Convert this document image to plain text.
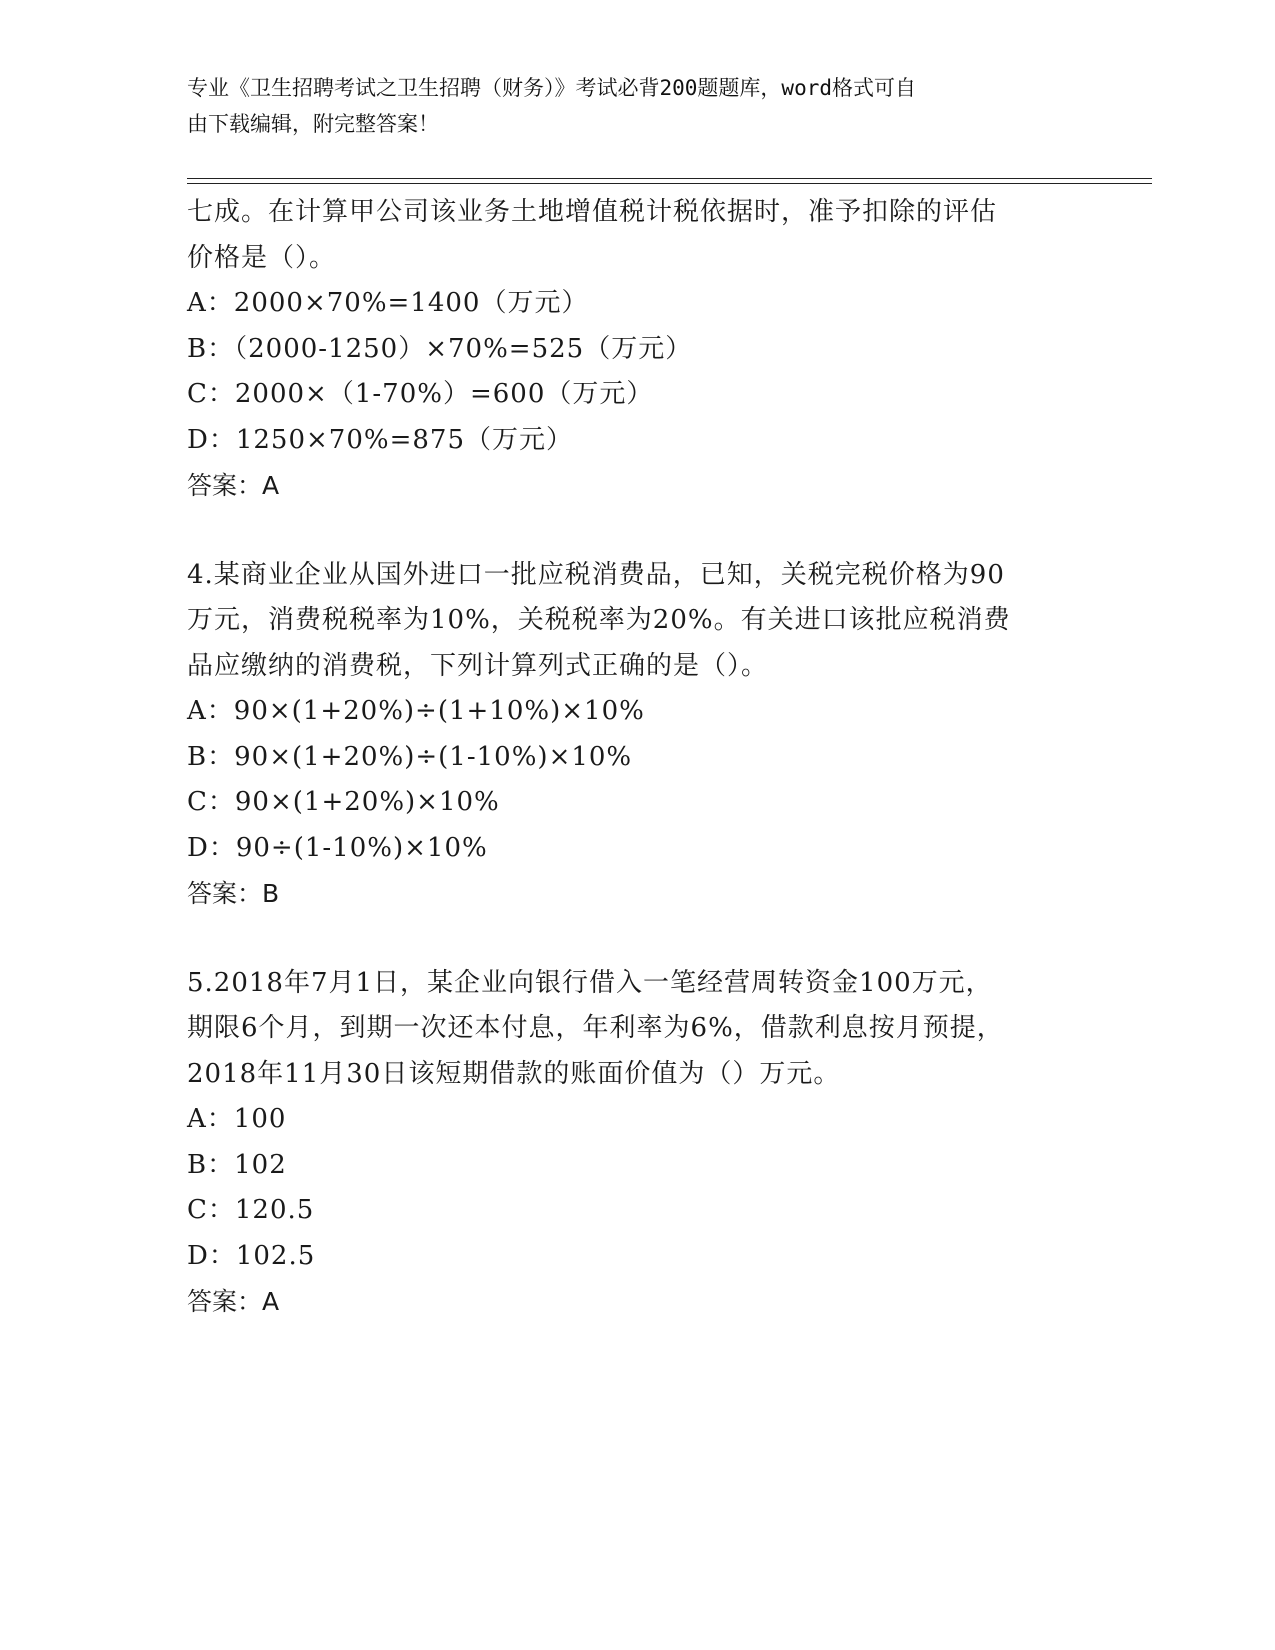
专业《卫生招聘考试之卫生招聘（财务）》考试必背200题题库，word格式可自
由下载编辑，附完整答案！
七成。在计算甲公司该业务土地增值税计税依据时，准予扣除的评估
价格是（）。
A：2000×70%=1400（万元）
B：（2000-1250）×70%=525（万元）
C：2000×（1-70%）=600（万元）
D：1250×70%=875（万元）
答案：A
4.某商业企业从国外进口一批应税消费品，已知，关税完税价格为90
万元，消费税税率为10%，关税税率为20%。有关进口该批应税消费
品应缴纳的消费税，下列计算列式正确的是（）。
A：90×(1+20%)÷(1+10%)×10%
B：90×(1+20%)÷(1-10%)×10%
C：90×(1+20%)×10%
D：90÷(1-10%)×10%
答案：B
5.2018年7月1日，某企业向银行借入一笔经营周转资金100万元，
期限6个月，到期一次还本付息，年利率为6%，借款利息按月预提，
2018年11月30日该短期借款的账面价值为（）万元。
A：100
B：102
C：120.5
D：102.5
答案：A
